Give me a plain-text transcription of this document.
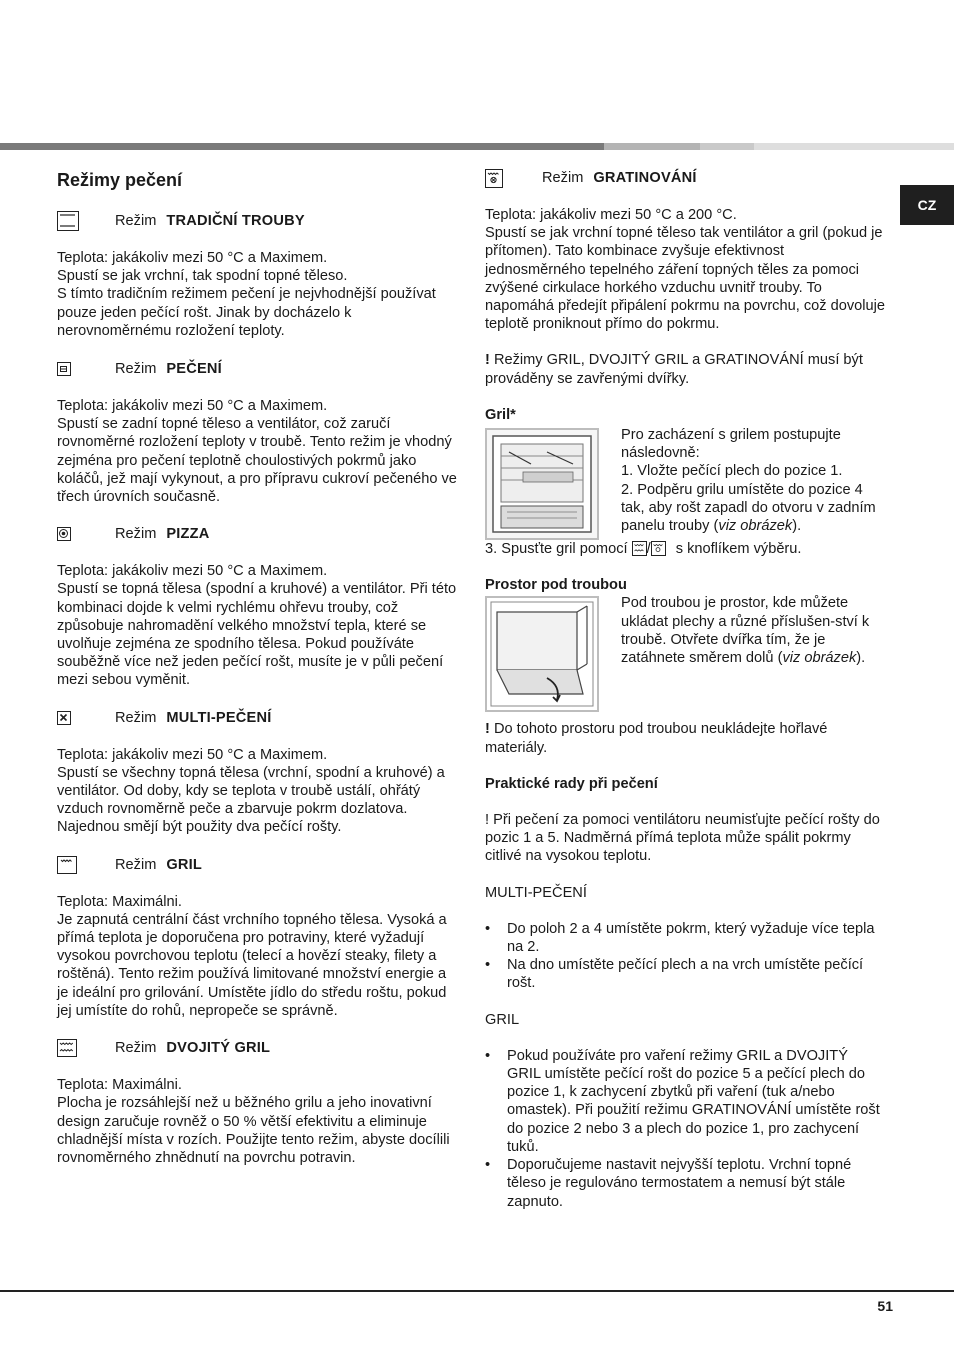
CZ
Režimy pečení
Režim TRADIČNÍ TROUBY

Teplota: jakákoliv mezi 50 °C a Maximem.
Spustí se jak vrchní, tak spodní topné těleso.
S tímto tradičním režimem pečení je nejvhodnější používat pouze jeden pečící rošt. Jinak by docházelo k nerovnoměrnému rozložení teploty.

Režim PEČENÍ

Teplota: jakákoliv mezi 50 °C a Maximem.
Spustí se zadní topné těleso a ventilátor, což zaručí rovnoměrné rozložení teploty v troubě. Tento režim je vhodný zejména pro pečení teplotně choulostivých pokrmů jako koláčů, jež mají vykynout, a pro přípravu cukroví pečeného ve třech úrovních současně.

Režim PIZZA

Teplota: jakákoliv mezi 50 °C a Maximem.
Spustí se topná tělesa (spodní a kruhové) a ventilátor. Při této kombinaci dojde k velmi rychlému ohřevu trouby, což způsobuje nahromadění velkého množství tepla, které se uvolňuje zejména ze spodního tělesa. Pokud používáte souběžně více než jeden pečící rošt, musíte je v půli pečení mezi sebou vyměnit.

Režim MULTI-PEČENÍ

Teplota: jakákoliv mezi 50 °C a Maximem.
Spustí se všechny topná tělesa (vrchní, spodní a kruhové) a ventilátor. Od doby, kdy se teplota v troubě ustálí, ohřátý vzduch rovnoměrně peče a zbarvuje pokrm dozlatova. Najednou smějí být použity dva pečící rošty.

Režim GRIL

Teplota: Maximálni.
Je zapnutá centrální část vrchního topného tělesa. Vysoká a přímá teplota je doporučena pro potraviny, které vyžadují vysokou povrchovou teplotu (telecí a hovězí steaky, filety a roštěná). Tento režim používá limitované množství energie a je ideální pro grilování. Umístěte jídlo do středu roštu, pokud jej umístíte do rohů, nepropeče se správně.

Režim DVOJITÝ GRIL

Teplota: Maximálni.
Plocha je rozsáhlejší než u běžného grilu a jeho inovativní design zaručuje rovněž o 50 % větší efektivitu a eliminuje chladnější místa v rozích. Použijte tento režim, abyste docílili rovnoměrného zhnědnutí na povrchu potravin.

Režim GRATINOVÁNÍ

Teplota: jakákoliv mezi 50 °C a 200 °C.
Spustí se jak vrchní topné těleso tak ventilátor a gril (pokud je přítomen). Tato kombinace zvyšuje efektivnost jednosměrného tepelného záření topných těles za pomoci zvýšené cirkulace horkého vzduchu uvnitř trouby. To napomáhá předejít připálení pokrmu na povrchu, což dovoluje teplotě proniknout přímo do pokrmu.

! Režimy GRIL, DVOJITÝ GRIL a GRATINOVÁNÍ musí být prováděny se zavřenými dvířky.

Gril*

Pro zacházení s grilem postupujte následovně:

1. Vložte pečící plech do pozice 1.

2. Podpěru grilu umístěte do pozice 4 tak, aby rošt zapadl do otvoru v zadním panelu trouby (viz obrázek).

3. Spusťte gril pomocí / s knoflíkem výběru.

Prostor pod troubou

Pod troubou je prostor, kde můžete ukládat plechy a různé příslušen-ství k troubě. Otvřete dvířka tím, že je zatáhnete směrem dolů (viz obrázek).

! Do tohoto prostoru pod troubou neukládejte hořlavé materiály.

Praktické rady při pečení

! Při pečení za pomoci ventilátoru neumisťujte pečící rošty do pozic 1 a 5. Nadměrná přímá teplota může spálit pokrmy citlivé na vysokou teplotu.

MULTI-PEČENÍ

• Do poloh 2 a 4 umístěte pokrm, který vyžaduje více tepla na 2.
• Na dno umístěte pečící plech a na vrch umístěte pečící rošt.

GRIL

• Pokud používáte pro vaření režimy GRIL a DVOJITÝ GRIL umístěte pečící rošt do pozice 5 a pečící plech do pozice 1, k zachycení zbytků při vaření (tuk a/nebo omastek). Při použití režimu GRATINOVÁNÍ umístěte rošt do pozice 2 nebo 3 a plech do pozice 1, pro zachycení tuků.
• Doporučujeme nastavit nejvyšší teplotu. Vrchní topné těleso je regulováno termostatem a nemusí být stále zapnuto.
51
